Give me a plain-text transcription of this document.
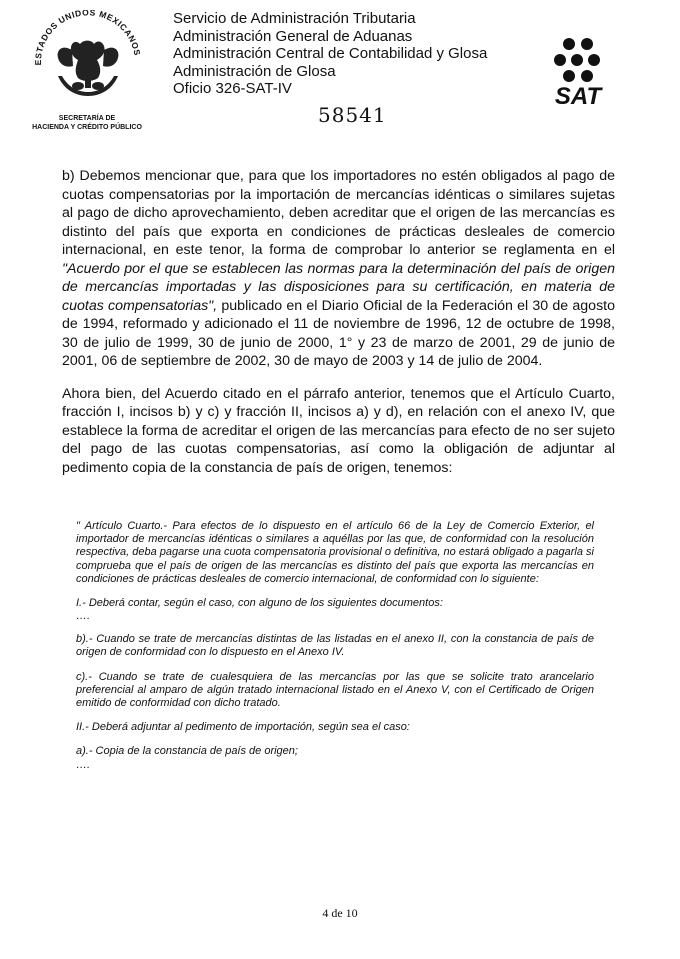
ESTADOS UNIDOS MEXICANOS
SECRETARÍA DE
HACIENDA Y CRÉDITO PÚBLICO
Servicio de Administración Tributaria
Administración General de Aduanas
Administración Central de Contabilidad y Glosa
Administración de Glosa
Oficio 326-SAT-IV
58541
SAT

b) Debemos mencionar que, para que los importadores no estén obligados al pago de cuotas compensatorias por la importación de mercancías idénticas o similares sujetas al pago de dicho aprovechamiento, deben acreditar que el origen de las mercancías es distinto del país que exporta en condiciones de prácticas desleales de comercio internacional, en este tenor, la forma de comprobar lo anterior se reglamenta en el "Acuerdo por el que se establecen las normas para la determinación del país de origen de mercancías importadas y las disposiciones para su certificación, en materia de cuotas compensatorias", publicado en el Diario Oficial de la Federación el 30 de agosto de 1994, reformado y adicionado el 11 de noviembre de 1996, 12 de octubre de 1998, 30 de julio de 1999, 30 de junio de 2000, 1° y 23 de marzo de 2001, 29 de junio de 2001, 06 de septiembre de 2002, 30 de mayo de 2003 y 14 de julio de 2004.

Ahora bien, del Acuerdo citado en el párrafo anterior, tenemos que el Artículo Cuarto, fracción I, incisos b) y c) y fracción II, incisos a) y d), en relación con el anexo IV, que establece la forma de acreditar el origen de las mercancías para efecto de no ser sujeto del pago de las cuotas compensatorias, así como la obligación de adjuntar al pedimento copia de la constancia de país de origen, tenemos:

" Artículo Cuarto.- Para efectos de lo dispuesto en el artículo 66 de la Ley de Comercio Exterior, el importador de mercancías idénticas o similares a aquéllas por las que, de conformidad con la resolución respectiva, deba pagarse una cuota compensatoria provisional o definitiva, no estará obligado a pagarla si comprueba que el país de origen de las mercancías es distinto del país que exporta las mercancías en condiciones de prácticas desleales de comercio internacional, de conformidad con lo siguiente:

I.- Deberá contar, según el caso, con alguno de los siguientes documentos:
….

b).- Cuando se trate de mercancías distintas de las listadas en el anexo II, con la constancia de país de origen de conformidad con lo dispuesto en el Anexo IV.

c).- Cuando se trate de cualesquiera de las mercancías por las que se solicite trato arancelario preferencial al amparo de algún tratado internacional listado en el Anexo V, con el Certificado de Origen emitido de conformidad con dicho tratado.

II.- Deberá adjuntar al pedimento de importación, según sea el caso:

a).- Copia de la constancia de país de origen;
….

4 de 10
